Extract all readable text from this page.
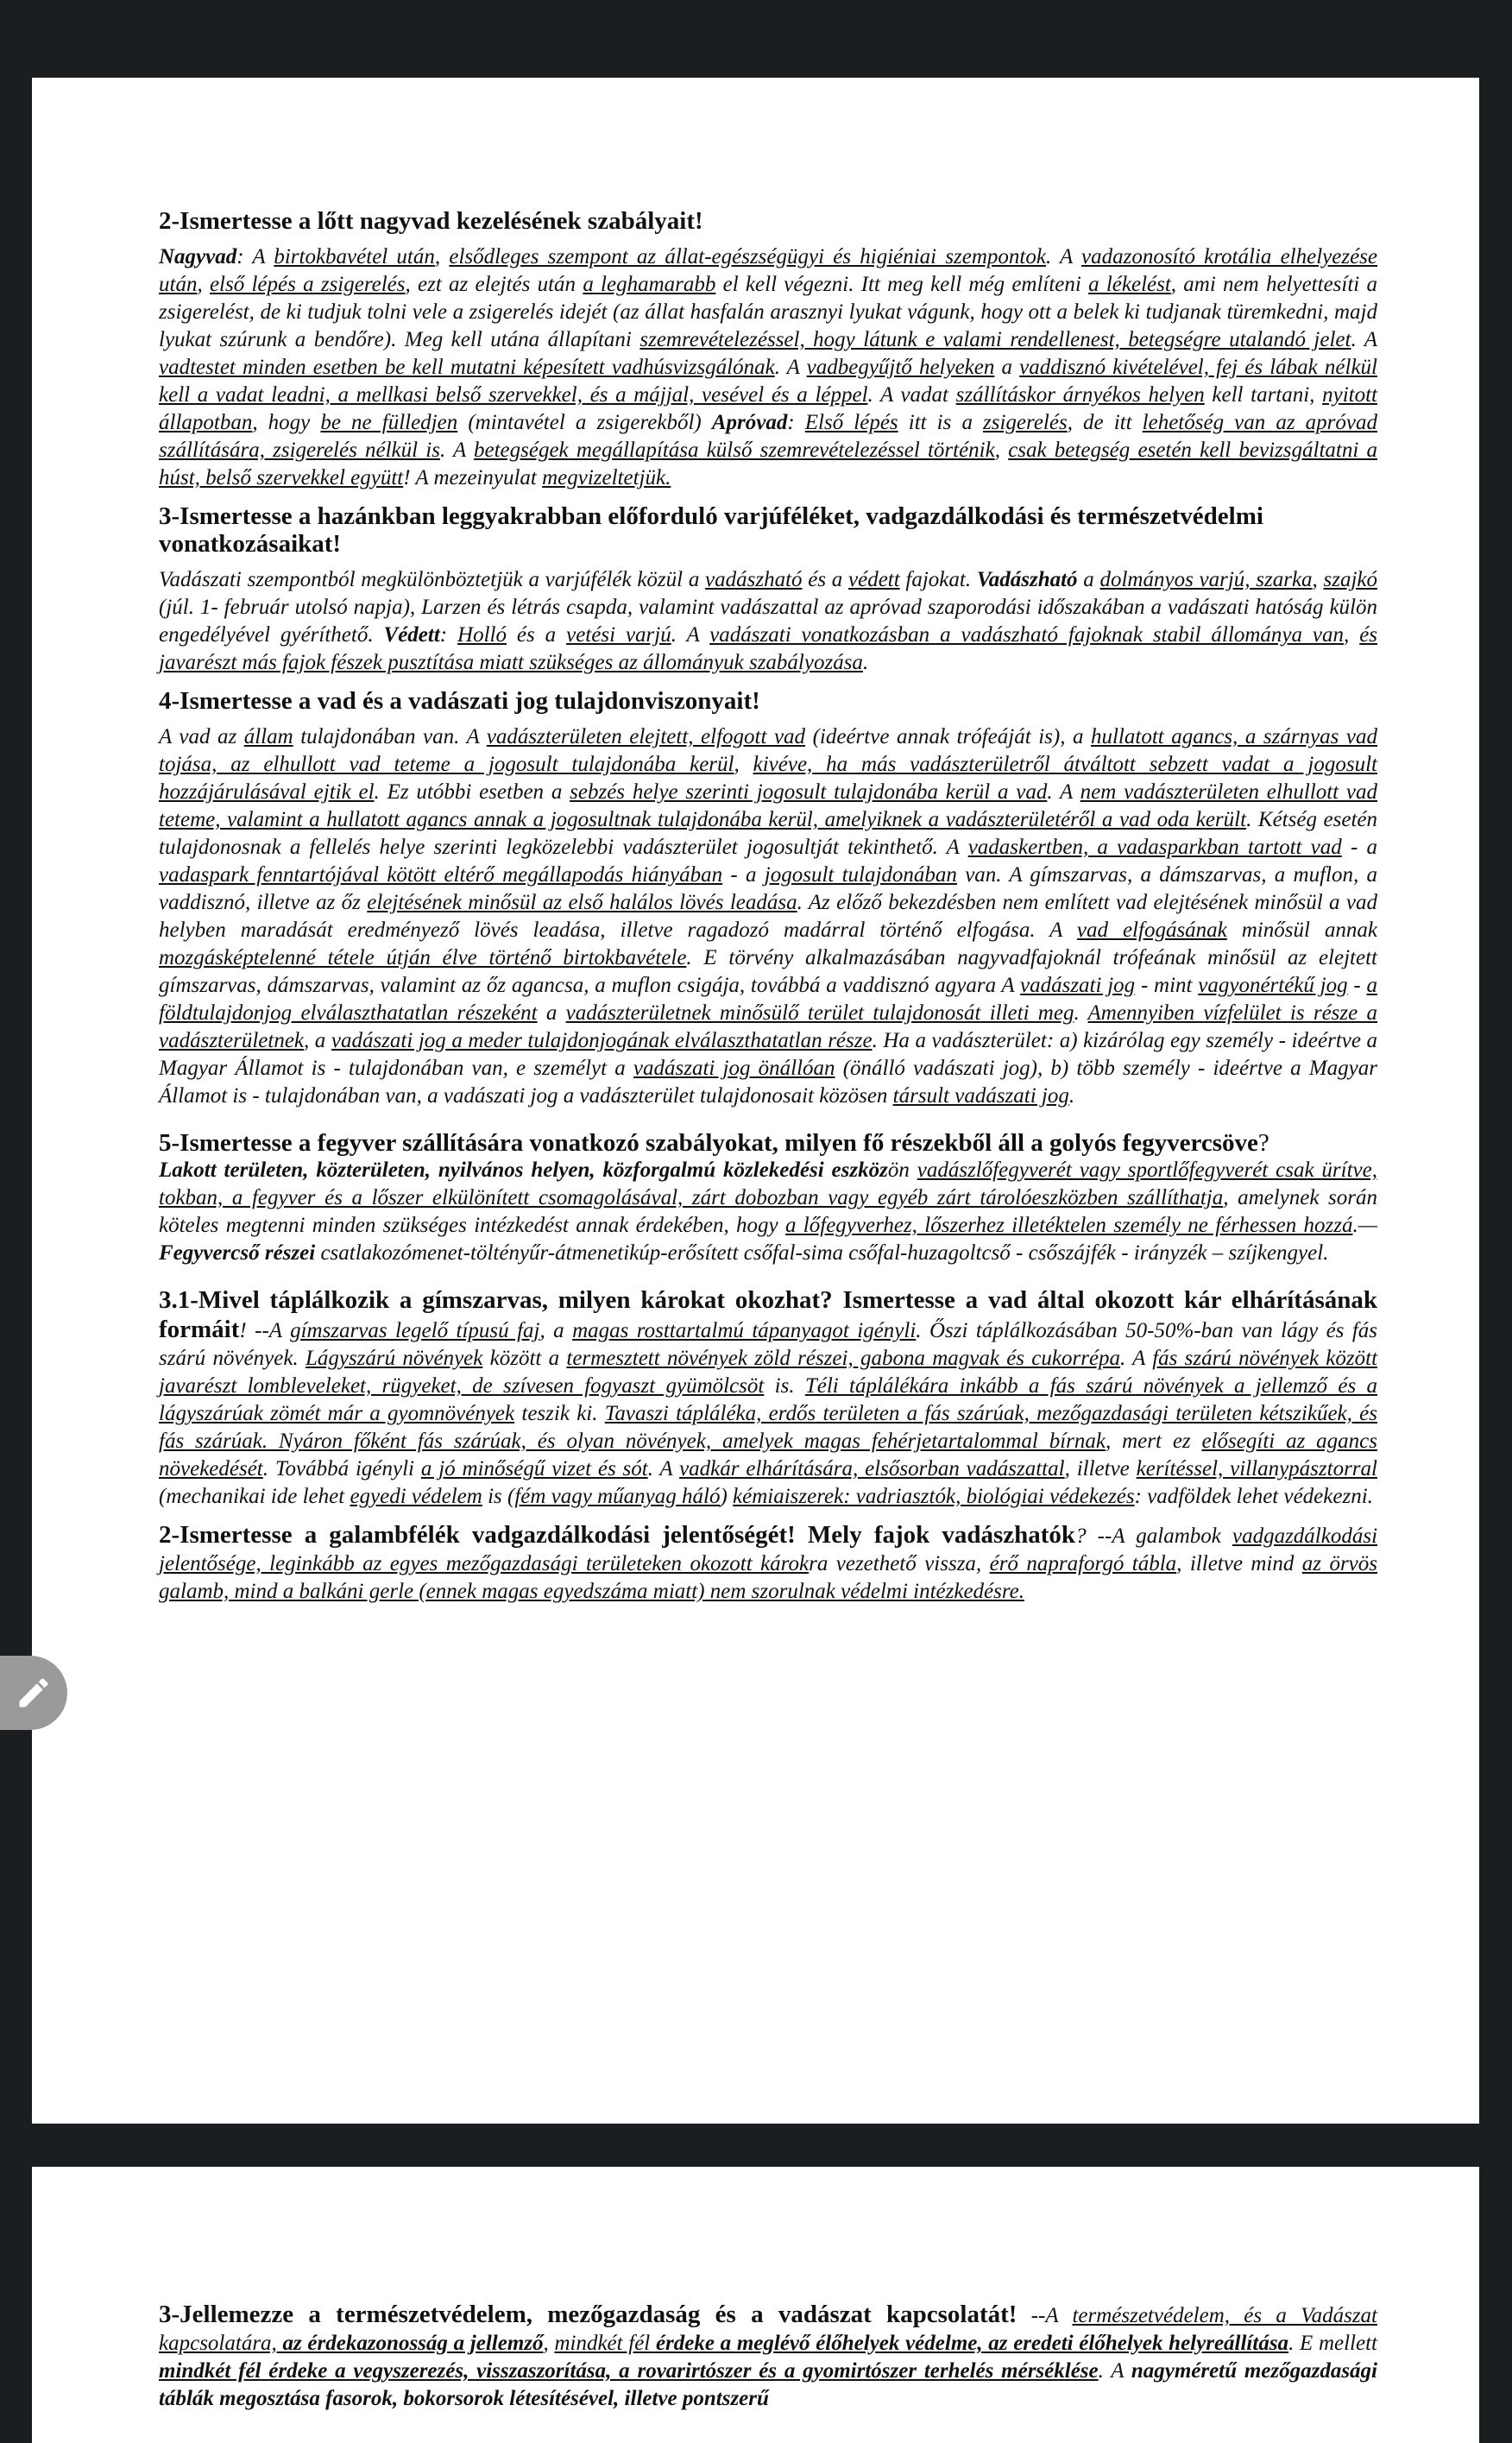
2-Ismertesse a lőtt nagyvad kezelésének szabályait!
Nagyvad: A birtokbavétel után, elsődleges szempont az állat-egészségügyi és higiéniai szempontok. A vadazonosító krotália elhelyezése után, első lépés a zsigerelés, ezt az elejtés után a leghamarabb el kell végezni. Itt meg kell még említeni a lékelést, ami nem helyettesíti a zsigerelést, de ki tudjuk tolni vele a zsigerelés idejét (az állat hasfalán arasznyi lyukat vágunk, hogy ott a belek ki tudjanak türemkedni, majd lyukat szúrunk a bendőre). Meg kell utána állapítani szemrevételezéssel, hogy látunk e valami rendellenest, betegségre utalandó jelet. A vadtestet minden esetben be kell mutatni képesített vadhúsvizsgálónak. A vadbegyűjtő helyeken a vaddisznó kivételével, fej és lábak nélkül kell a vadat leadni, a mellkasi belső szervekkel, és a májjal, vesével és a léppel. A vadat szállításkor árnyékos helyen kell tartani, nyitott állapotban, hogy be ne fülledjen (mintavétel a zsigerekből) Apróvad: Első lépés itt is a zsigerelés, de itt lehetőség van az apróvad szállítására, zsigerelés nélkül is. A betegségek megállapítása külső szemrevételezéssel történik, csak betegség esetén kell bevizsgáltatni a húst, belső szervekkel együtt! A mezeinyulat megvizeltetjük.
3-Ismertesse a hazánkban leggyakrabban előforduló varjúféléket, vadgazdálkodási és természetvédelmi vonatkozásaikat!
Vadászati szempontból megkülönböztetjük a varjúfélék közül a vadászható és a védett fajokat. Vadászható a dolmányos varjú, szarka, szajkó (júl. 1- február utolsó napja), Larzen és létrás csapda, valamint vadászattal az apróvad szaporodási időszakában a vadászati hatóság külön engedélyével gyéríthető. Védett: Holló és a vetési varjú. A vadászati vonatkozásban a vadászható fajoknak stabil állománya van, és javarészt más fajok fészek pusztítása miatt szükséges az állományuk szabályozása.
4-Ismertesse a vad és a vadászati jog tulajdonviszonyait!
A vad az állam tulajdonában van. A vadászterületen elejtett, elfogott vad (ideértve annak trófeáját is), a hullatott agancs, a szárnyas vad tojása, az elhullott vad teteme a jogosult tulajdonába kerül, kivéve, ha más vadászterületről átváltott sebzett vadat a jogosult hozzájárulásával ejtik el. Ez utóbbi esetben a sebzés helye szerinti jogosult tulajdonába kerül a vad. A nem vadászterületen elhullott vad teteme, valamint a hullatott agancs annak a jogosultnak tulajdonába kerül, amelyiknek a vadászterületéről a vad oda került. Kétség esetén tulajdonosnak a fellelés helye szerinti legközelebbi vadászterület jogosultját tekinthető. A vadaskertben, a vadasparkban tartott vad - a vadaspark fenntartójával kötött eltérő megállapodás hiányában - a jogosult tulajdonában van. A gímszarvas, a dámszarvas, a muflon, a vaddisznó, illetve az őz elejtésének minősül az első halálos lövés leadása. Az előző bekezdésben nem említett vad elejtésének minősül a vad helyben maradását eredményező lövés leadása, illetve ragadozó madárral történő elfogása. A vad elfogásának minősül annak mozgásképtelenné tétele útján élve történő birtokbavétele. E törvény alkalmazásában nagyvadfajoknál trófeának minősül az elejtett gímszarvas, dámszarvas, valamint az őz agancsa, a muflon csigája, továbbá a vaddisznó agyara A vadászati jog - mint vagyonértékű jog - a földtulajdonjog elválaszthatatlan részeként a vadászterületnek minősülő terület tulajdonosát illeti meg. Amennyiben vízfelület is része a vadászterületnek, a vadászati jog a meder tulajdonjogának elválaszthatatlan része. Ha a vadászterület: a) kizárólag egy személy - ideértve a Magyar Államot is - tulajdonában van, e személyt a vadászati jog önállóan (önálló vadászati jog), b) több személy - ideértve a Magyar Államot is - tulajdonában van, a vadászati jog a vadászterület tulajdonosait közösen társult vadászati jog.
5-Ismertesse a fegyver szállítására vonatkozó szabályokat, milyen fő részekből áll a golyós fegyvercsöve?
Lakott területen, közterületen, nyilvános helyen, közforgalmú közlekedési eszközön vadászlőfegyverét vagy sportlőfegyverét csak ürítve, tokban, a fegyver és a lőszer elkülönített csomagolásával, zárt dobozban vagy egyéb zárt tárolóeszközben szállíthatja, amelynek során köteles megtenni minden szükséges intézkedést annak érdekében, hogy a lőfegyverhez, lőszerhez illetéktelen személy ne férhessen hozzá.—Fegyvercső részei csatlakozómenet-töltényűr-átmenetikúp-erősített csőfal-sima csőfal-huzagoltcső - csőszájfék - irányzék – szíjkengyel.
3.1-Mivel táplálkozik a gímszarvas, milyen károkat okozhat? Ismertesse a vad által okozott kár elhárításának formáit! --A gímszarvas legelő típusú faj, a magas rosttartalmú tápanyagot igényli. Őszi táplálkozásában 50-50%-ban van lágy és fás szárú növények. Lágyszárú növények között a termesztett növények zöld részei, gabona magvak és cukorrépa. A fás szárú növények között javarészt lombleveleket, rügyeket, de szívesen fogyaszt gyümölcsöt is. Téli táplálékára inkább a fás szárú növények a jellemző és a lágyszárúak zömét már a gyomnövények teszik ki. Tavaszi tápláléka, erdős területen a fás szárúak, mezőgazdasági területen kétszikűek, és fás szárúak. Nyáron főként fás szárúak, és olyan növények, amelyek magas fehérjetartalommal bírnak, mert ez elősegíti az agancs növekedését. Továbbá igényli a jó minőségű vizet és sót. A vadkár elhárítására, elsősorban vadászattal, illetve kerítéssel, villanypásztorral (mechanikai ide lehet egyedi védelem is (fém vagy műanyag háló) kémiaiszerek: vadriasztók, biológiai védekezés: vadföldek lehet védekezni.
2-Ismertesse a galambfélék vadgazdálkodási jelentőségét! Mely fajok vadászhatók? --A galambok vadgazdálkodási jelentősége, leginkább az egyes mezőgazdasági területeken okozott károkra vezethető vissza, érő napraforgó tábla, illetve mind az örvös galamb, mind a balkáni gerle (ennek magas egyedszáma miatt) nem szorulnak védelmi intézkedésre.
3-Jellemezze a természetvédelem, mezőgazdaság és a vadászat kapcsolatát! --A természetvédelem, és a Vadászat kapcsolatára, az érdekazonosság a jellemző, mindkét fél érdeke a meglévő élőhelyek védelme, az eredeti élőhelyek helyreállítása. E mellett mindkét fél érdeke a vegyszerezés, visszaszorítása, a rovarirtószer és a gyomirtószer terhelés mérséklése. A nagyméretű mezőgazdasági táblák megosztása fasorok, bokorsorok létesítésével, illetve pontszerű
